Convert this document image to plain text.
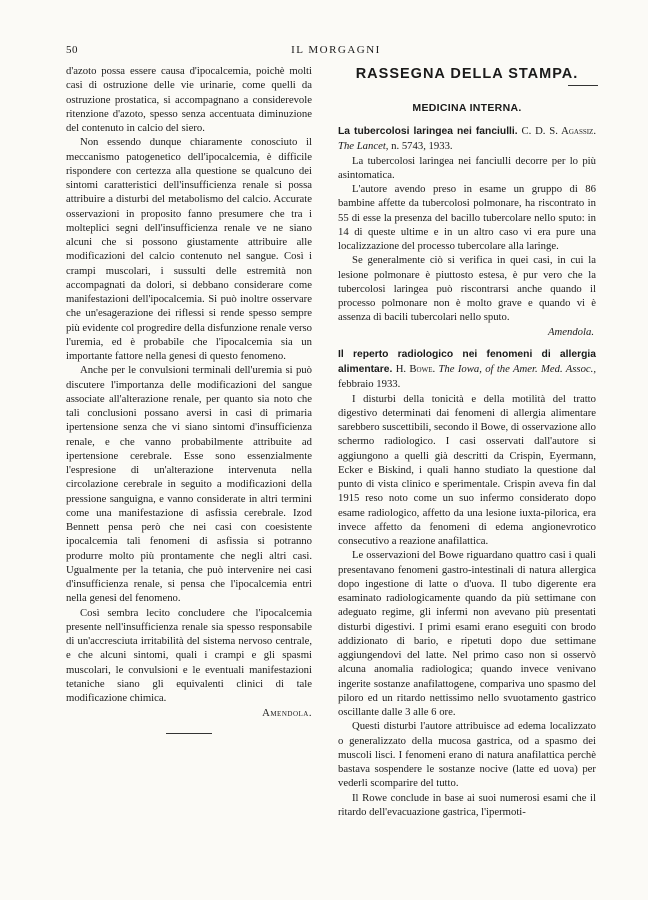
50	IL MORGAGNI

d'azoto possa essere causa d'ipocalcemia, poichè molti casi di ostruzione delle vie urinarie, come quelli da ostruzione prostatica, si accompagnano a considerevole ritenzione d'azoto, spesso senza accentuata diminuzione del contenuto in calcio del siero.

Non essendo dunque chiaramente conosciuto il meccanismo patogenetico dell'ipocalcemia, è difficile rispondere con certezza alla questione se qualcuno dei sintomi caratteristici dell'insufficienza renale si possa attribuire a disturbi del metabolismo del calcio. Accurate osservazioni in proposito fanno presumere che tra i molteplici segni dell'insufficienza renale ve ne siano alcuni che si possono giustamente attribuire alle modificazioni del calcio contenuto nel sangue. Così i crampi muscolari, i sussulti delle estremità non accompagnati da dolori, si debbano considerare come manifestazioni dell'ipocalcemia. Si può inoltre osservare che un'esagerazione dei riflessi si rende spesso sempre più evidente col progredire della disfunzione renale verso l'uremia, ed è probabile che l'ipocalcemia sia un importante fattore nella genesi di questo fenomeno.

Anche per le convulsioni terminali dell'uremia si può discutere l'importanza delle modificazioni del sangue associate all'alterazione renale, per quanto sia noto che tali conclusioni possano aversi in casi di primaria ipertensione senza che vi siano sintomi d'insufficienza renale, e che vanno probabilmente attribuite ad ipertensione cerebrale. Esse sono essenzialmente l'espresione di un'alterazione intervenuta nella circolazione cerebrale in seguito a modificazioni della pressione sanguigna, e vanno considerate in altri termini come una manifestazione di asfissia cerebrale. Izod Bennett pensa però che nei casi con coesistente ipocalcemia tali fenomeni di asfissia si potranno produrre molto più prontamente che negli altri casi. Ugualmente per la tetania, che può intervenire nei casi d'insufficienza renale, si pensa che l'ipocalcemia entri nella genesi del fenomeno.

Così sembra lecito concludere che l'ipocalcemia presente nell'insufficienza renale sia spesso responsabile di un'accresciuta irritabilità del sistema nervoso centrale, e che alcuni sintomi, quali i crampi e gli spasmi muscolari, le convulsioni e le eventuali manifestazioni tetaniche siano gli equivalenti clinici di tale modificazione chimica.

Amendola.
RASSEGNA DELLA STAMPA.
MEDICINA INTERNA.

La tubercolosi laringea nei fanciulli. C. D. S. Agassiz. The Lancet, n. 5743, 1933.

La tubercolosi laringea nei fanciulli decorre per lo più asintomatica.

L'autore avendo preso in esame un gruppo di 86 bambine affette da tubercolosi polmonare, ha riscontrato in 55 di esse la presenza del bacillo tubercolare nello sputo: in 14 di queste ultime e in un altro caso vi era pure una localizzazione del processo tubercolare alla laringe.

Se generalmente ciò si verifica in quei casi, in cui la lesione polmonare è piuttosto estesa, è pur vero che la tubercolosi laringea può riscontrarsi anche quando il processo polmonare non è molto grave e quando vi è assenza di bacili tubercolari nello sputo.

Amendola.

Il reperto radiologico nei fenomeni di allergia alimentare. H. Bowe. The Iowa, of the Amer. Med. Assoc., febbraio 1933.

I disturbi della tonicità e della motilità del tratto digestivo determinati dai fenomeni di allergia alimentare sarebbero suscettibili, secondo il Bowe, di osservazione allo schermo radiologico. I casi osservati dall'autore si aggiungono a quelli già descritti da Crispin, Eyermann, Ecker e Biskind, i quali hanno studiato la questione dal punto di vista clinico e sperimentale. Crispin aveva fin dal 1915 reso noto come un suo infermo considerato dopo esame radiologico, affetto da una lesione iuxta-pilorica, era invece affetto da fenomeni di edema angionevrotico consecutivo a reazione anafilattica.

Le osservazioni del Bowe riguardano quattro casi i quali presentavano fenomeni gastro-intestinali di natura allergica dopo ingestione di latte o d'uova. Il tubo digerente era esaminato radiologicamente quando da più settimane con adeguato regime, gli infermi non avevano più presentati disturbi digestivi. I primi esami erano eseguiti con brodo addizionato di bario, e ripetuti dopo due settimane aggiungendovi del latte. Nel primo caso non si osservò alcuna anomalia radiologica; quando invece venivano ingerite sostanze anafilattogene, compariva uno spasmo del piloro ed un ritardo nettissimo nello svuotamento gastrico oscillante dalle 3 alle 6 ore.

Questi disturbi l'autore attribuisce ad edema localizzato o generalizzato della mucosa gastrica, od a spasmo dei muscoli lisci. I fenomeni erano di natura anafilattica perchè bastava sospendere le sostanze nocive (latte ed uova) per vederli scomparire del tutto.

Il Rowe conclude in base ai suoi numerosi esami che il ritardo dell'evacuazione gastrica, l'ipermoti-
